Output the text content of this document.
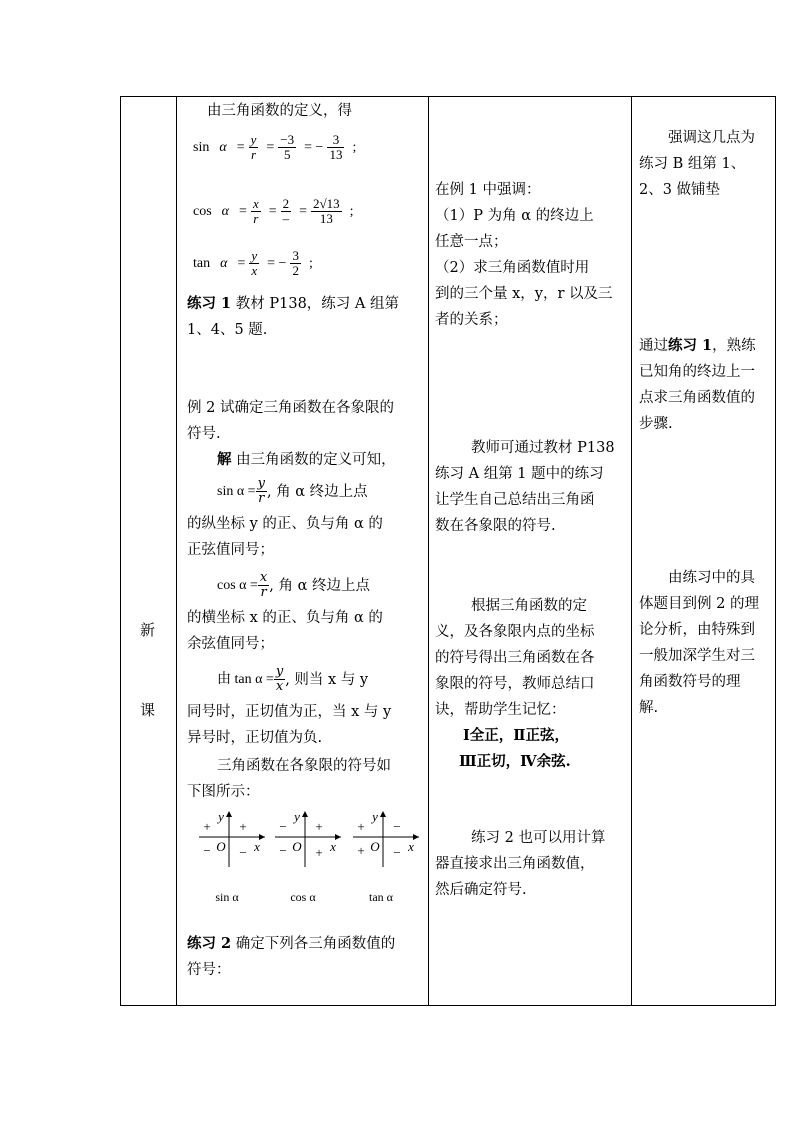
新
课
由三角函数的定义，得
$\sin \alpha = \frac{y}{r} = \frac{-3}{5}$ = − $\frac{3}{13}$ ;
$\cos \alpha = \frac{x}{r} = \frac{2}{-} = \frac{2√13}{13}$ ;
$\tan \alpha = \frac{y}{x}$ = − $\frac{3}{2}$ ;
练习 1 教材 P138，练习 A 组第
1、4、5 题.
例 2 试确定三角函数在各象限的
符号.
解 由三角函数的定义可知，
$\sin \alpha = \frac{y}{r}$ , 角 α 终边上点
的纵坐标 y 的正、负与角 α 的
正弦值同号；
$\cos \alpha = \frac{x}{r}$ , 角 α 终边上点
的横坐标 x 的正、负与角 α 的
余弦值同号；
由 $\tan \alpha = \frac{y}{x}$ , 则当 x 与 y
同号时，正切值为正，当 x 与 y
异号时，正切值为负.
三角函数在各象限的符号如
下图所示：
y
x
O
+
+
− −
sin α
y
x
O
+
−
− +
cos α
y
x
O
−
+
+ −
tan α
练习 2 确定下列各三角函数值的
符号：
在例 1 中强调：
（1）P 为角 α 的终边上
任意一点；
（2）求三角函数值时用
到的三个量 x，y，r 以及三
者的关系；
教师可通过教材 P138
练习 A 组第 1 题中的练习
让学生自己总结出三角函
数在各象限的符号.
根据三角函数的定
义，及各象限内点的坐标
的符号得出三角函数在各
象限的符号，教师总结口
诀，帮助学生记忆：
Ⅰ全正，Ⅱ正弦，
Ⅲ正切，Ⅳ余弦.
练习 2 也可以用计算
器直接求出三角函数值，
然后确定符号.
强调这几点为
练习 B 组第 1、
2、3 做铺垫
通过练习 1，熟练
已知角的终边上一
点求三角函数值的
步骤.
由练习中的具
体题目到例 2 的理
论分析，由特殊到
一般加深学生对三
角函数符号的理
解.
